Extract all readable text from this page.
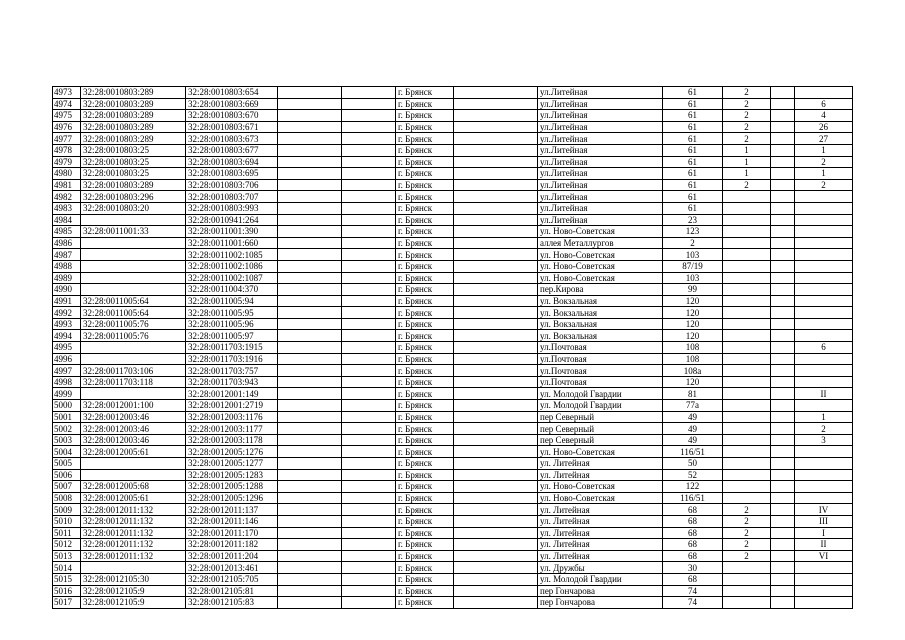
4973	32:28:0010803:289	32:28:0010803:654			г. Брянск		ул.Литейная	61	2		
4974	32:28:0010803:289	32:28:0010803:669			г. Брянск		ул.Литейная	61	2		6
4975	32:28:0010803:289	32:28:0010803:670			г. Брянск		ул.Литейная	61	2		4
4976	32:28:0010803:289	32:28:0010803:671			г. Брянск		ул.Литейная	61	2		26
4977	32:28:0010803:289	32:28:0010803:673			г. Брянск		ул.Литейная	61	2		27
4978	32:28:0010803:25	32:28:0010803:677			г. Брянск		ул.Литейная	61	1		1
4979	32:28:0010803:25	32:28:0010803:694			г. Брянск		ул.Литейная	61	1		2
4980	32:28:0010803:25	32:28:0010803:695			г. Брянск		ул.Литейная	61	1		1
4981	32:28:0010803:289	32:28:0010803:706			г. Брянск		ул.Литейная	61	2		2
4982	32:28:0010803:296	32:28:0010803:707			г. Брянск		ул.Литейная	61			
4983	32:28:0010803:20	32:28:0010803:993			г. Брянск		ул.Литейная	61			
4984		32:28:0010941:264			г. Брянск		ул.Литейная	23			
4985	32:28:0011001:33	32:28:0011001:390			г. Брянск		ул. Ново-Советская	123			
4986		32:28:0011001:660			г. Брянск		аллея Металлургов	2			
4987		32:28:0011002:1085			г. Брянск		ул. Ново-Советская	103			
4988		32:28:0011002:1086			г. Брянск		ул. Ново-Советская	87/19			
4989		32:28:0011002:1087			г. Брянск		ул. Ново-Советская	103			
4990		32:28:0011004:370			г. Брянск		пер.Кирова	99			
4991	32:28:0011005:64	32:28:0011005:94			г. Брянск		ул. Вокзальная	120			
4992	32:28:0011005:64	32:28:0011005:95			г. Брянск		ул. Вокзальная	120			
4993	32:28:0011005:76	32:28:0011005:96			г. Брянск		ул. Вокзальная	120			
4994	32:28:0011005:76	32:28:0011005:97			г. Брянск		ул. Вокзальная	120			
4995		32:28:0011703:1915			г. Брянск		ул.Почтовая	108			6
4996		32:28:0011703:1916			г. Брянск		ул.Почтовая	108			
4997	32:28:0011703:106	32:28:0011703:757			г. Брянск		ул.Почтовая	108а			
4998	32:28:0011703:118	32:28:0011703:943			г. Брянск		ул.Почтовая	120			
4999		32:28:0012001:149			г. Брянск		ул. Молодой Гвардии	81			II
5000	32:28:0012001:100	32:28:0012001:2719			г. Брянск		ул. Молодой Гвардии	77а			
5001	32:28:0012003:46	32:28:0012003:1176			г. Брянск		пер Северный	49			1
5002	32:28:0012003:46	32:28:0012003:1177			г. Брянск		пер Северный	49			2
5003	32:28:0012003:46	32:28:0012003:1178			г. Брянск		пер Северный	49			3
5004	32:28:0012005:61	32:28:0012005:1276			г. Брянск		ул. Ново-Советская	116/51			
5005		32:28:0012005:1277			г. Брянск		ул. Литейная	50			
5006		32:28:0012005:1283			г. Брянск		ул. Литейная	52			
5007	32:28:0012005:68	32:28:0012005:1288			г. Брянск		ул. Ново-Советская	122			
5008	32:28:0012005:61	32:28:0012005:1296			г. Брянск		ул. Ново-Советская	116/51			
5009	32:28:0012011:132	32:28:0012011:137			г. Брянск		ул. Литейная	68	2		IV
5010	32:28:0012011:132	32:28:0012011:146			г. Брянск		ул. Литейная	68	2		III
5011	32:28:0012011:132	32:28:0012011:170			г. Брянск		ул. Литейная	68	2		I
5012	32:28:0012011:132	32:28:0012011:182			г. Брянск		ул. Литейная	68	2		II
5013	32:28:0012011:132	32:28:0012011:204			г. Брянск		ул. Литейная	68	2		VI
5014		32:28:0012013:461			г. Брянск		ул. Дружбы	30			
5015	32:28:0012105:30	32:28:0012105:705			г. Брянск		ул. Молодой Гвардии	68			
5016	32:28:0012105:9	32:28:0012105:81			г. Брянск		пер Гончарова	74			
5017	32:28:0012105:9	32:28:0012105:83			г. Брянск		пер Гончарова	74			
